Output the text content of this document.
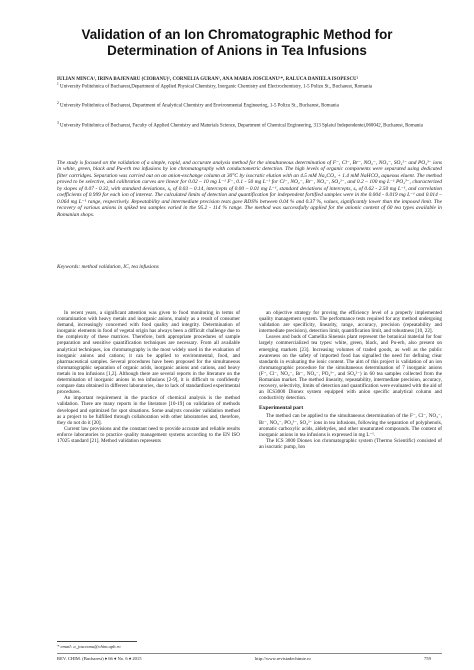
Validation of an Ion Chromatographic Method for Determination of Anions in Tea Infusions
IULIAN MINCA¹, IRINA BAJENARU (CIOBANU)¹, CORNELIA GURAN¹, ANA MARIA JOSCEANU¹*, RALUCA DANIELA ISOPESCU²
$^1$ University Politehnica of Bucharest,Department of Applied Physical Chemistry, Inorganic Chemistry and Electrochemistry, 1-5 Polizu St., Bucharest, Romania
$^2$ University Politehnica of Bucharest, Department of Analytical Chemistry and Environmental Engineering, 1-5 Polizu St., Bucharest, Romania
$^3$ University Politehnica of Bucharest, Faculty of Applied Chemistry and Materials Science, Department of Chemical Engineering, 313 Splaiul Independentei,060042, Bucharest, Romania
The study is focused on the validation of a simple, rapid, and accurate analysis method for the simultaneous determination of F⁻, Cl⁻, Br⁻, NO₂⁻, NO₃⁻, SO₄²⁻ and PO₄³⁻ ions in white, green, black and Pu-erh tea infusions by ion chromatography with conductometric detection. The high levels of organic components were separated using dedicated filter cartridges. Separation was carried out on an anion-exchange column at 30°C by isocratic elution with an 4.5 mM Na₂CO₃ + 1.4 mM NaHCO₃ aqueous eluent. The method proved to be selective, and calibration curves are linear for 0.02 – 10 mg L⁻¹ F⁻, 0.1 - 50 mg L⁻¹ for Cl⁻, NO₂⁻, Br⁻, NO₃⁻, SO₄²⁻, and 0.2 – 100 mg L⁻¹ PO₄³⁻, characterized by slopes of 0.07 - 0.32, with standard deviations, sₐ of 0.03 – 0.14, intercepts of 0.00 – 0.01 mg L⁻¹, standard deviations of intercepts, sₐ of 0.62 - 2.50 mg L⁻¹, and correlation coefficients of 0.999 for each ion of interest. The calculated limits of detection and quantification for independent fortified samples were in the 0.004 - 0.019 mg L⁻¹ and 0.014 – 0.064 mg L⁻¹ range, respectively. Repeatability and intermediate precision tests gave RDS% between 0.04 % and 0.37 %, values, significantly lower than the imposed limit. The recovery of various anions in spiked tea samples varied in the 95.2 - 114 % range. The method was successfully applied for the anionic content of 60 tea types available in Romanian shops.
Keywords: method validation, IC, tea infusions

In recent years, a significant attention was given to food monitoring in terms of contamination with heavy metals and inorganic anions, mainly as a result of consumer demand, increasingly concerned with food quality and integrity. Determination of inorganic elements in food of vegetal origin has always been a difficult challenge due to the complexity of these matrices. Therefore, both appropriate procedures of sample preparation and sensitive quantification techniques are necessary. From all available analytical techniques, ion chromatography is the most widely used in the evaluation of inorganic anions and cations; it can be applied to environmental, food, and pharmaceutical samples. Several procedures have been proposed for the simultaneous chromatographic separation of organic acids, inorganic anions and cations, and heavy metals in tea infusions [1,2]. Although there are several reports in the literature on the determination of inorganic anions in tea infusions [2-9], it is difficult to confidently compare data obtained in different laboratories, due to lack of standardized experimental procedures.

An important requirement in the practice of chemical analysis is the method validation. There are many reports in the literature [10-19] on validation of methods developed and optimized for spot situations. Some analysts consider validation method as a project to be fulfilled through collaboration with other laboratories and, therefore, they do not do it [20].

Current law provisions and the constant need to provide accurate and reliable results enforce laboratories to practice quality management systems according to the EN ISO 17025 standard [21]. Method validation represents

an objective strategy for proving the efficiency level of a properly implemented quality management system. The performance tests required for any method undergoing validation are specificity, linearity, range, accuracy, precision (repeatability and intermediate precision), detection limit, quantification limit, and robustness [10, 22].

Leaves and buds of Camellia Sinensis plant represent the botanical material for four largely commercialized tea types: white, green, black, and Pu-erh, also present on emerging markets [23]. Increasing volumes of traded goods, as well as the public awareness on the safety of imported food has signalled the need for defining clear standards in evaluating the ionic content. The aim of this project is validation of an ion chromatographic procedure for the simultaneous determination of 7 inorganic anions (F⁻, Cl⁻, NO₂⁻, Br⁻, NO₃⁻, PO₄³⁻, and SO₄²⁻) in 60 tea samples collected from the Romanian market. The method linearity, repeatability, intermediate precision, accuracy, recovery, selectivity, limits of detection and quantification were evaluated with the aid of an ICS3000 Dionex system equipped with anion specific analytical column and conductivity detection.

Experimental part

The method can be applied to the simultaneous determination of the F⁻, Cl⁻, NO₂⁻, Br⁻, NO₃⁻, PO₄³⁻, SO₄²⁻ ions in tea infusions, following the separation of polyphenols, aromatic carboxylic acids, aldehydes, and other unsaturated compounds. The content of inorganic anions in tea infusions is expressed in mg L⁻¹.

The ICS 3000 Dionex ion chromatographic system (Thermo Scientific) consisted of an isocratic pump, Ion

* email: a_josceanu@chim.upb.ro
REV. CHIM. (Bucharest) ♦ 66 ♦ No. 6 ♦ 2015	http://www.revistadechimie.ro	759
